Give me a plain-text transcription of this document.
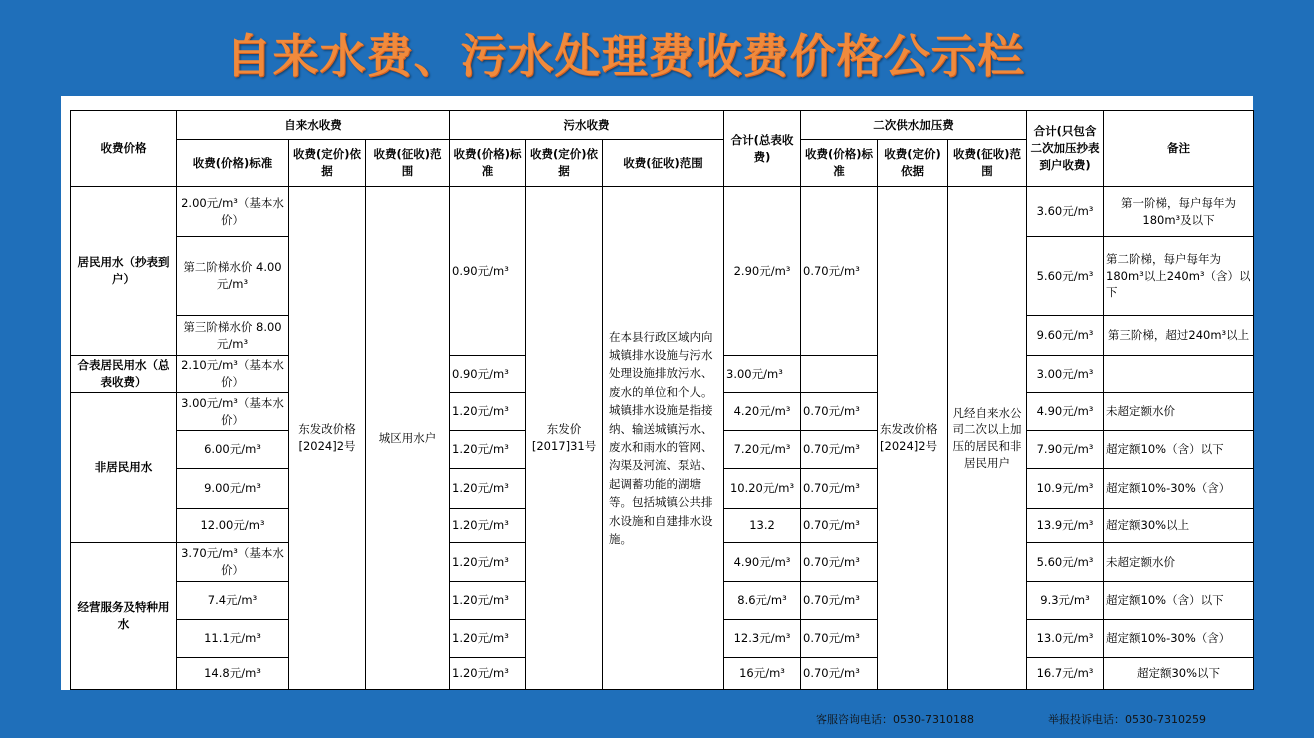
自来水费、污水处理费收费价格公示栏
收费价格	自来水收费			污水收费			合计(总表收费)	二次供水加压费			合计(只包含二次加压抄表到户收费)	备注
	收费(价格)标准	收费(定价)依据	收费(征收)范围	收费(价格)标准	收费(定价)依据	收费(征收)范围		收费(价格)标准	收费(定价)依据	收费(征收)范围		
居民用水（抄表到户）	2.00元/m³（基本水价）	东发改价格[2024]2号	城区用水户	0.90元/m³	东发价[2017]31号	在本县行政区域内向城镇排水设施与污水处理设施排放污水、废水的单位和个人。城镇排水设施是指接纳、输送城镇污水、废水和雨水的管网、沟渠及河流、泵站、起调蓄功能的湖塘等。包括城镇公共排水设施和自建排水设施。	2.90元/m³	0.70元/m³	东发改价格[2024]2号	凡经自来水公司二次以上加压的居民和非居民用户	3.60元/m³	第一阶梯，每户每年为180m³及以下
	第二阶梯水价 4.00元/m³										5.60元/m³	第二阶梯，每户每年为180m³以上240m³（含）以下
	第三阶梯水价 8.00元/m³										9.60元/m³	第三阶梯，超过240m³以上
合表居民用水（总表收费）	2.10元/m³（基本水价）			0.90元/m³			3.00元/m³				3.00元/m³	
非居民用水	3.00元/m³（基本水价）			1.20元/m³			4.20元/m³	0.70元/m³			4.90元/m³	未超定额水价
	6.00元/m³			1.20元/m³			7.20元/m³	0.70元/m³			7.90元/m³	超定额10%（含）以下
	9.00元/m³			1.20元/m³			10.20元/m³	0.70元/m³			10.9元/m³	超定额10%-30%（含）
	12.00元/m³			1.20元/m³			13.2	0.70元/m³			13.9元/m³	超定额30%以上
经营服务及特种用水	3.70元/m³（基本水价）			1.20元/m³			4.90元/m³	0.70元/m³			5.60元/m³	未超定额水价
	7.4元/m³			1.20元/m³			8.6元/m³	0.70元/m³			9.3元/m³	超定额10%（含）以下
	11.1元/m³			1.20元/m³			12.3元/m³	0.70元/m³			13.0元/m³	超定额10%-30%（含）
	14.8元/m³			1.20元/m³			16元/m³	0.70元/m³			16.7元/m³	超定额30%以下
客服咨询电话：0530-7310188	举报投诉电话：0530-7310259
